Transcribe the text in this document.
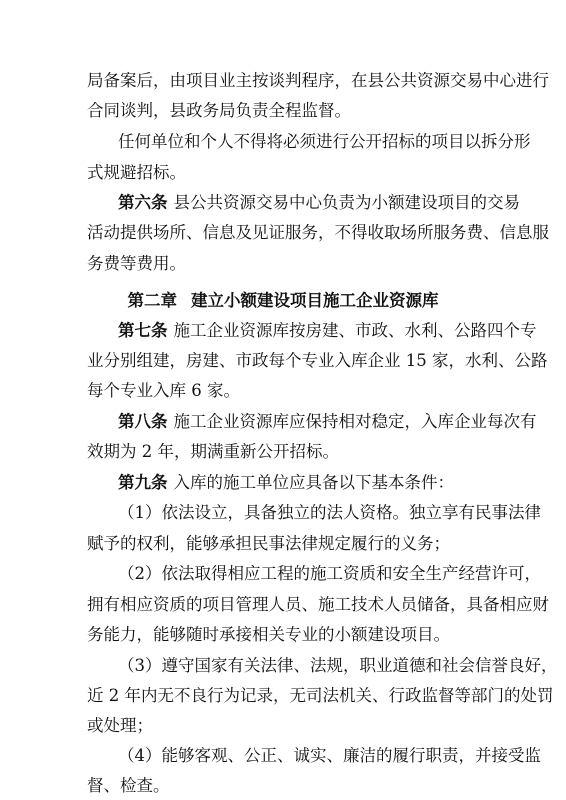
局备案后，由项目业主按谈判程序，在县公共资源交易中心进行
合同谈判，县政务局负责全程监督。
任何单位和个人不得将必须进行公开招标的项目以拆分形
式规避招标。
第六条 县公共资源交易中心负责为小额建设项目的交易
活动提供场所、信息及见证服务，不得收取场所服务费、信息服
务费等费用。
第二章 建立小额建设项目施工企业资源库
第七条 施工企业资源库按房建、市政、水利、公路四个专
业分别组建，房建、市政每个专业入库企业 15 家，水利、公路
每个专业入库 6 家。
第八条 施工企业资源库应保持相对稳定，入库企业每次有
效期为 2 年，期满重新公开招标。
第九条 入库的施工单位应具备以下基本条件：
（1）依法设立，具备独立的法人资格。独立享有民事法律
赋予的权利，能够承担民事法律规定履行的义务；
（2）依法取得相应工程的施工资质和安全生产经营许可，
拥有相应资质的项目管理人员、施工技术人员储备，具备相应财
务能力，能够随时承接相关专业的小额建设项目。
（3）遵守国家有关法律、法规，职业道德和社会信誉良好，
近 2 年内无不良行为记录，无司法机关、行政监督等部门的处罚
或处理；
（4）能够客观、公正、诚实、廉洁的履行职责，并接受监
督、检查。
